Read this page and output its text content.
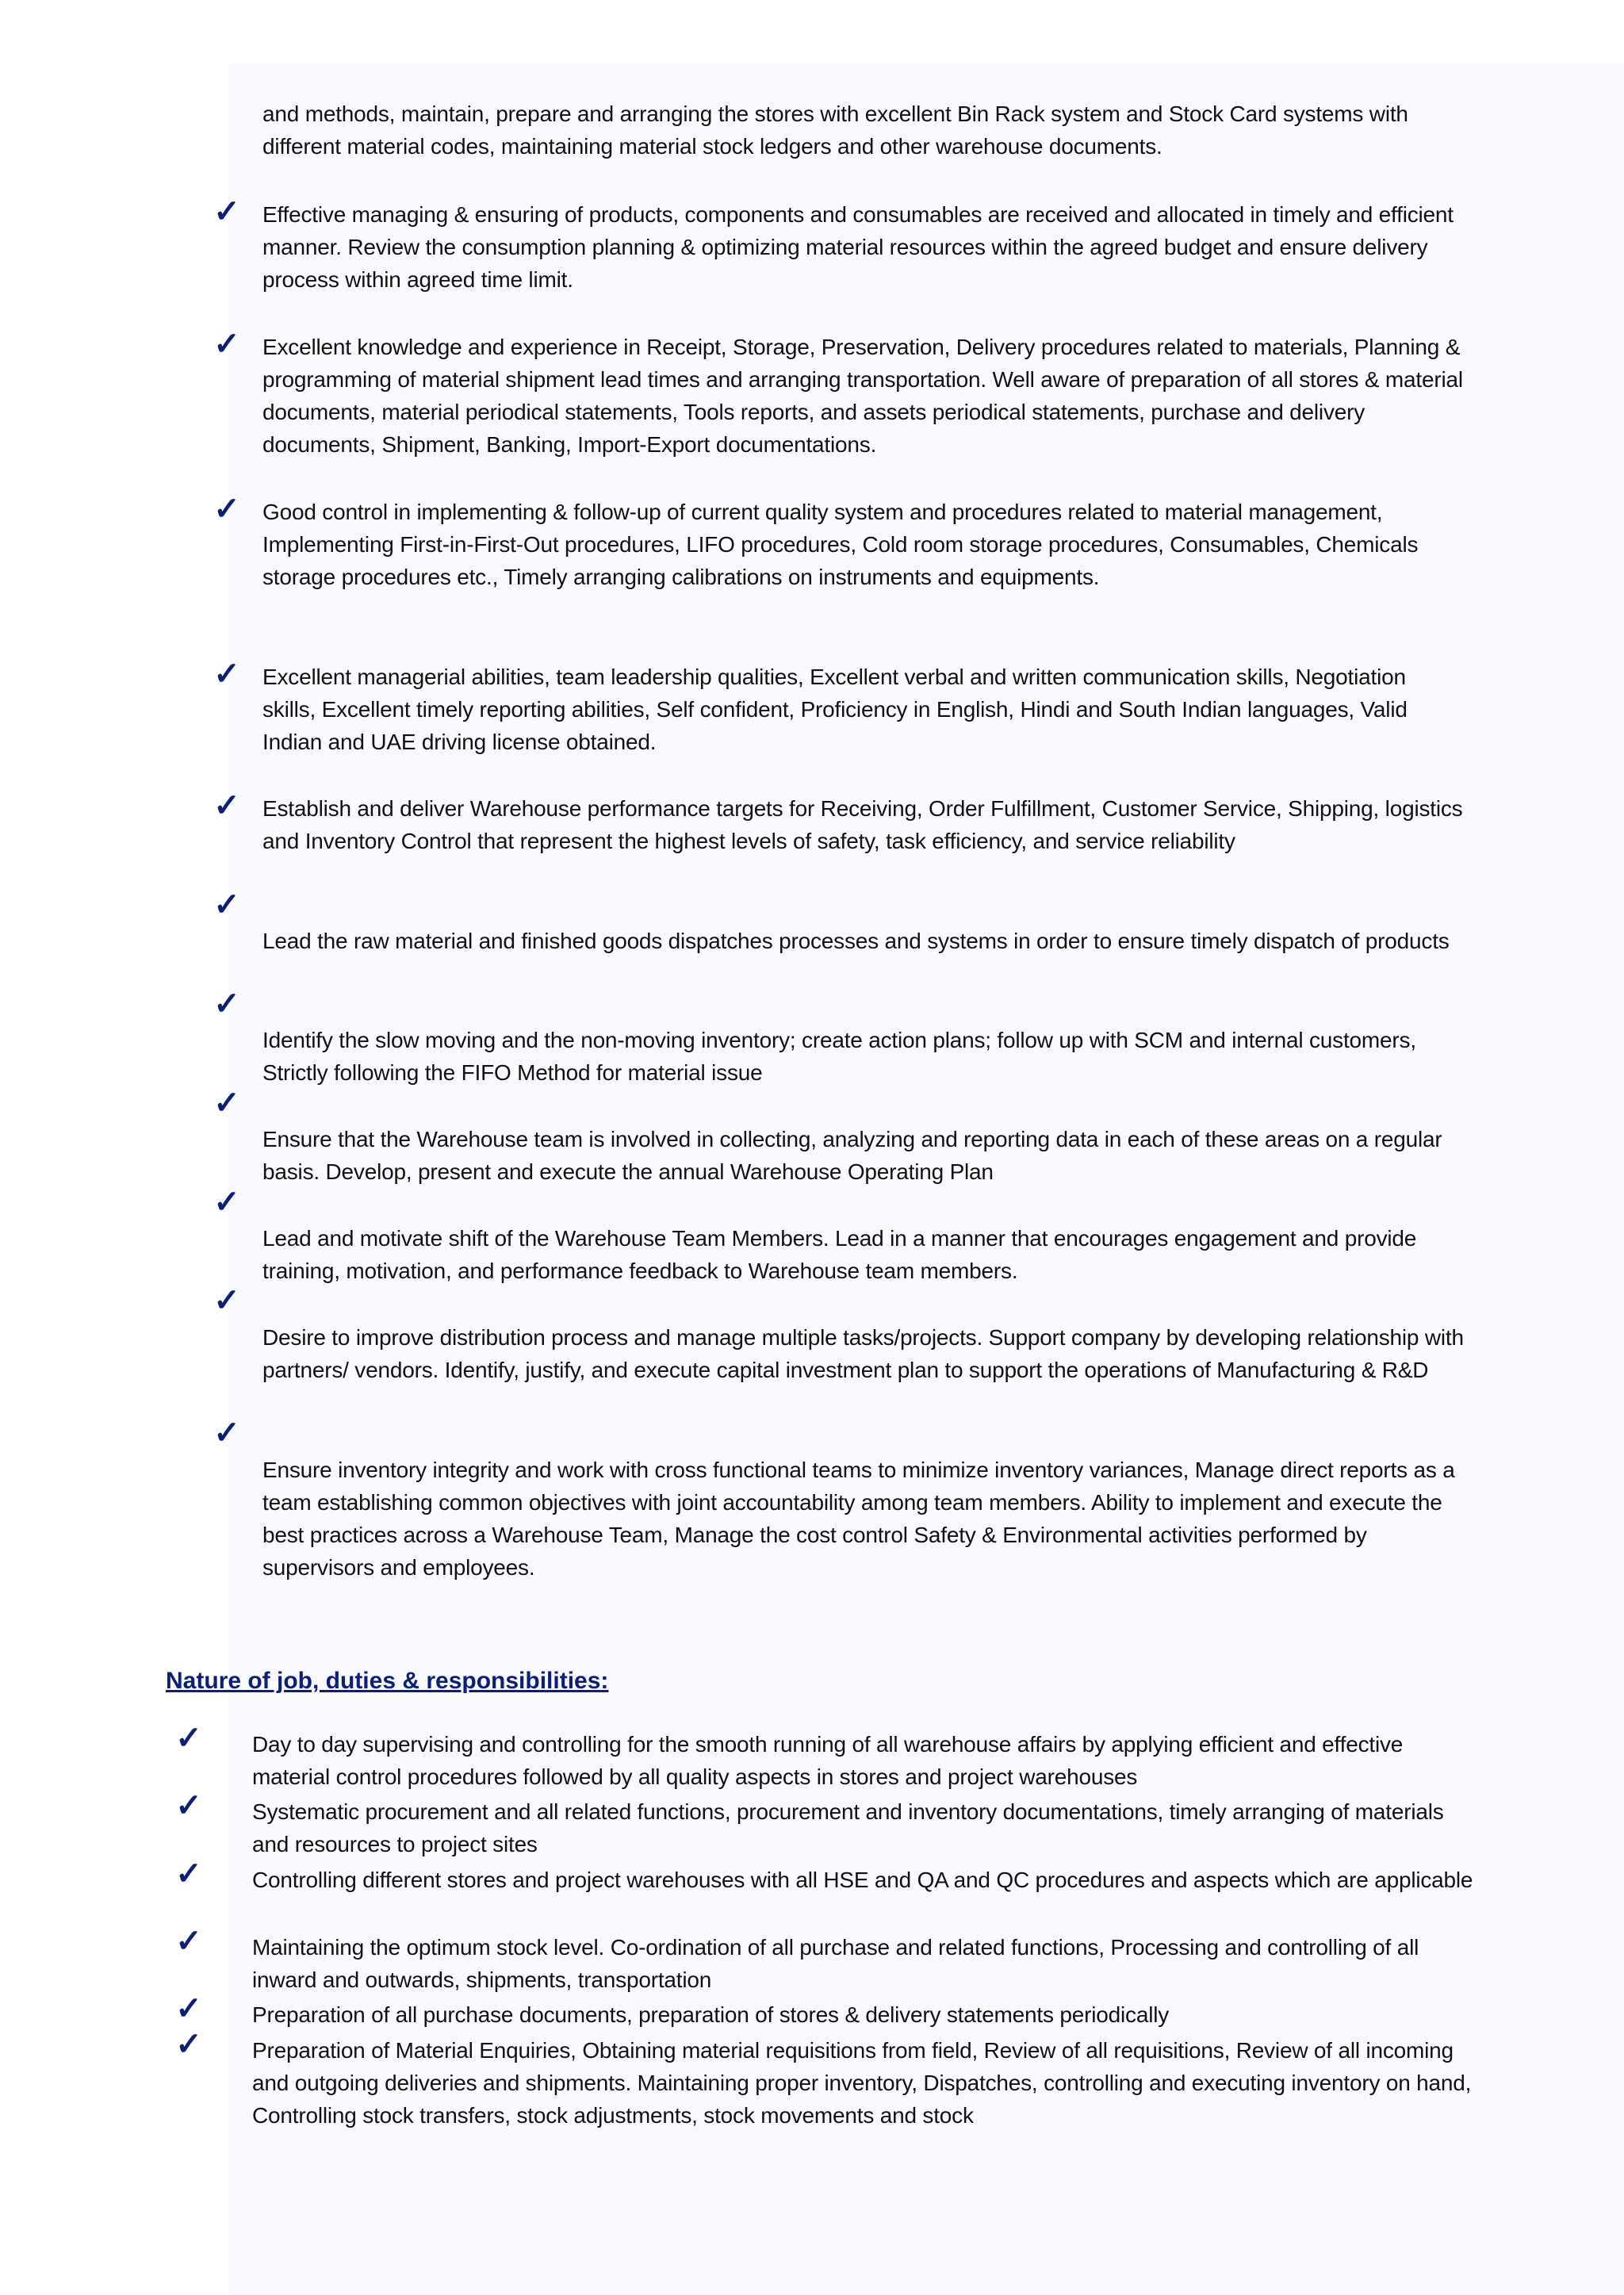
and methods, maintain, prepare and arranging the stores with excellent Bin Rack system and Stock Card systems with different material codes, maintaining material stock ledgers and other warehouse documents.

✓ Effective managing & ensuring of products, components and consumables are received and allocated in timely and efficient manner. Review the consumption planning & optimizing material resources within the agreed budget and ensure delivery process within agreed time limit.

✓ Excellent knowledge and experience in Receipt, Storage, Preservation, Delivery procedures related to materials, Planning & programming of material shipment lead times and arranging transportation. Well aware of preparation of all stores & material documents, material periodical statements, Tools reports, and assets periodical statements, purchase and delivery documents, Shipment, Banking, Import-Export documentations.

✓ Good control in implementing & follow-up of current quality system and procedures related to material management, Implementing First-in-First-Out procedures, LIFO procedures, Cold room storage procedures, Consumables, Chemicals storage procedures etc., Timely arranging calibrations on instruments and equipments.

✓ Excellent managerial abilities, team leadership qualities, Excellent verbal and written communication skills, Negotiation skills, Excellent timely reporting abilities, Self confident, Proficiency in English, Hindi and South Indian languages, Valid Indian and UAE driving license obtained.

✓ Establish and deliver Warehouse performance targets for Receiving, Order Fulfillment, Customer Service, Shipping, logistics and Inventory Control that represent the highest levels of safety, task efficiency, and service reliability

✓

Lead the raw material and finished goods dispatches processes and systems in order to ensure timely dispatch of products

✓

Identify the slow moving and the non-moving inventory; create action plans; follow up with SCM and internal customers, Strictly following the FIFO Method for material issue

✓

Ensure that the Warehouse team is involved in collecting, analyzing and reporting data in each of these areas on a regular basis. Develop, present and execute the annual Warehouse Operating Plan

✓

Lead and motivate shift of the Warehouse Team Members. Lead in a manner that encourages engagement and provide training, motivation, and performance feedback to Warehouse team members.

✓

Desire to improve distribution process and manage multiple tasks/projects. Support company by developing relationship with partners/ vendors. Identify, justify, and execute capital investment plan to support the operations of Manufacturing & R&D

✓

Ensure inventory integrity and work with cross functional teams to minimize inventory variances, Manage direct reports as a team establishing common objectives with joint accountability among team members. Ability to implement and execute the best practices across a Warehouse Team, Manage the cost control Safety & Environmental activities performed by supervisors and employees.

Nature of job, duties & responsibilities:
✓ Day to day supervising and controlling for the smooth running of all warehouse affairs by applying efficient and effective material control procedures followed by all quality aspects in stores and project warehouses

✓ Systematic procurement and all related functions, procurement and inventory documentations, timely arranging of materials and resources to project sites

✓ Controlling different stores and project warehouses with all HSE and QA and QC procedures and aspects which are applicable

✓ Maintaining the optimum stock level. Co-ordination of all purchase and related functions, Processing and controlling of all inward and outwards, shipments, transportation

✓ Preparation of all purchase documents, preparation of stores & delivery statements periodically

✓ Preparation of Material Enquiries, Obtaining material requisitions from field, Review of all requisitions, Review of all incoming and outgoing deliveries and shipments. Maintaining proper inventory, Dispatches, controlling and executing inventory on hand, Controlling stock transfers, stock adjustments, stock movements and stock
